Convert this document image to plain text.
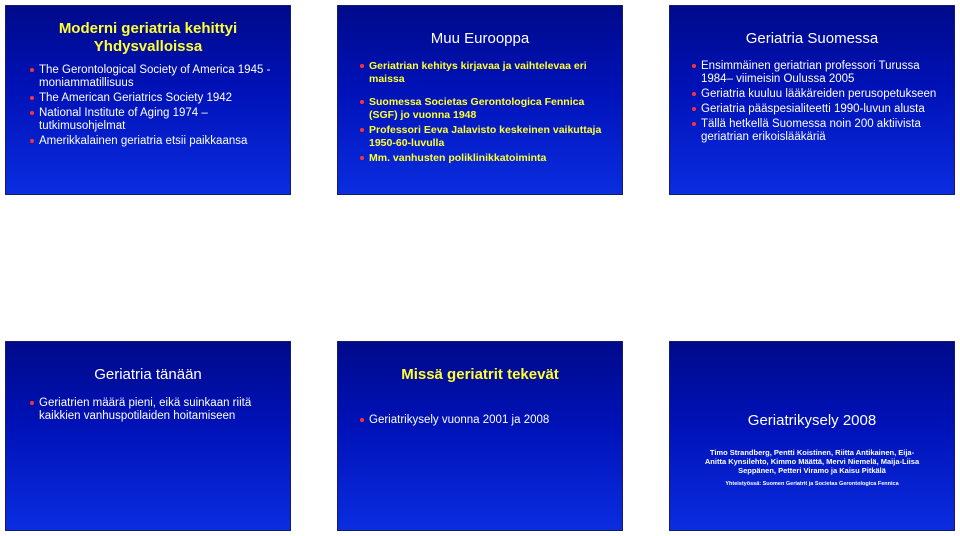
Moderni geriatria kehittyi Yhdysvalloissa
The Gerontological Society of America 1945 - moniammatillisuus
The American Geriatrics Society 1942
National Institute of Aging 1974 – tutkimusohjelmat
Amerikkalainen geriatria etsii paikkaansa
Muu Eurooppa
Geriatrian kehitys kirjavaa ja vaihtelevaa eri maissa
Suomessa Societas Gerontologica Fennica (SGF) jo vuonna 1948
Professori Eeva Jalavisto keskeinen vaikuttaja 1950-60-luvulla
Mm. vanhusten poliklinikkatoiminta
Geriatria Suomessa
Ensimmäinen geriatrian professori Turussa 1984– viimeisin Oulussa 2005
Geriatria kuuluu lääkäreiden perusopetukseen
Geriatria pääspesialiteetti 1990-luvun alusta
Tällä hetkellä Suomessa noin 200 aktiivista geriatrian erikoislääkäriä
Geriatria tänään
Geriatrien määrä pieni, eikä suinkaan riitä kaikkien vanhuspotilaiden hoitamiseen
Missä geriatrit tekevät
Geriatrikysely vuonna 2001 ja 2008	Geriatrikysely 2008
Timo Strandberg, Pentti Koistinen, Riitta Antikainen, Eija-Anitta Kynsilehto, Kimmo Määttä, Mervi Niemelä, Maija-Liisa Seppänen, Petteri Viramo ja Kaisu Pitkälä
Yhteistyössä: Suomen Geriatrit ja Societas Gerontologica Fennica
